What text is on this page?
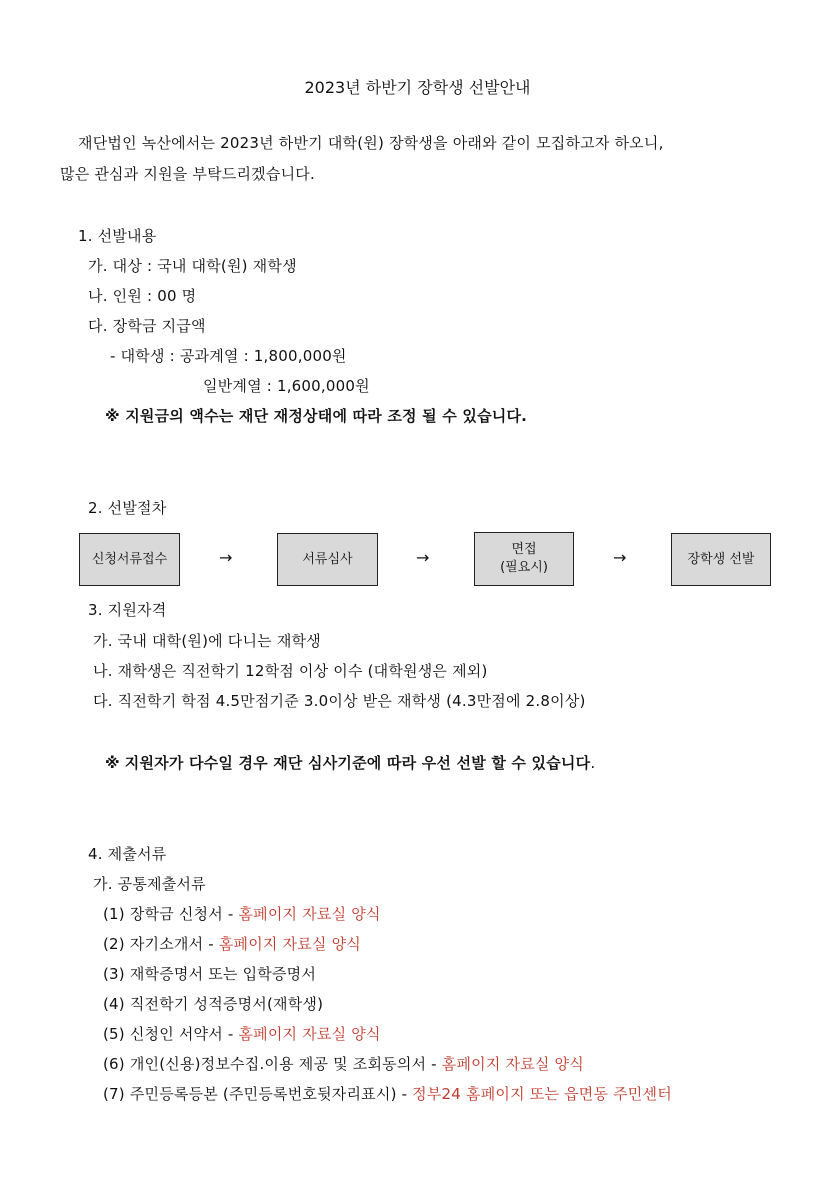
2023년 하반기 장학생 선발안내
재단법인 녹산에서는 2023년 하반기 대학(원) 장학생을 아래와 같이 모집하고자 하오니,
많은 관심과 지원을 부탁드리겠습니다.
1. 선발내용
가. 대상 : 국내 대학(원) 재학생
나. 인원 : 00 명
다. 장학금 지급액
- 대학생 : 공과계열 : 1,800,000원
일반계열 : 1,600,000원
※ 지원금의 액수는 재단 재정상태에 따라 조정 될 수 있습니다.
2. 선발절차
신청서류접수	→	서류심사	→	면접
(필요시)
→	장학생 선발
3. 지원자격
가. 국내 대학(원)에 다니는 재학생
나. 재학생은 직전학기 12학점 이상 이수 (대학원생은 제외)
다. 직전학기 학점 4.5만점기준 3.0이상 받은 재학생 (4.3만점에 2.8이상)
※ 지원자가 다수일 경우 재단 심사기준에 따라 우선 선발 할 수 있습니다.
4. 제출서류
가. 공통제출서류
(1) 장학금 신청서 - 홈페이지 자료실 양식
(2) 자기소개서 - 홈페이지 자료실 양식
(3) 재학증명서 또는 입학증명서
(4) 직전학기 성적증명서(재학생)
(5) 신청인 서약서 - 홈페이지 자료실 양식
(6) 개인(신용)정보수집.이용 제공 및 조회동의서 - 홈페이지 자료실 양식
(7) 주민등록등본 (주민등록번호뒷자리표시) - 정부24 홈페이지 또는 읍면동 주민센터
